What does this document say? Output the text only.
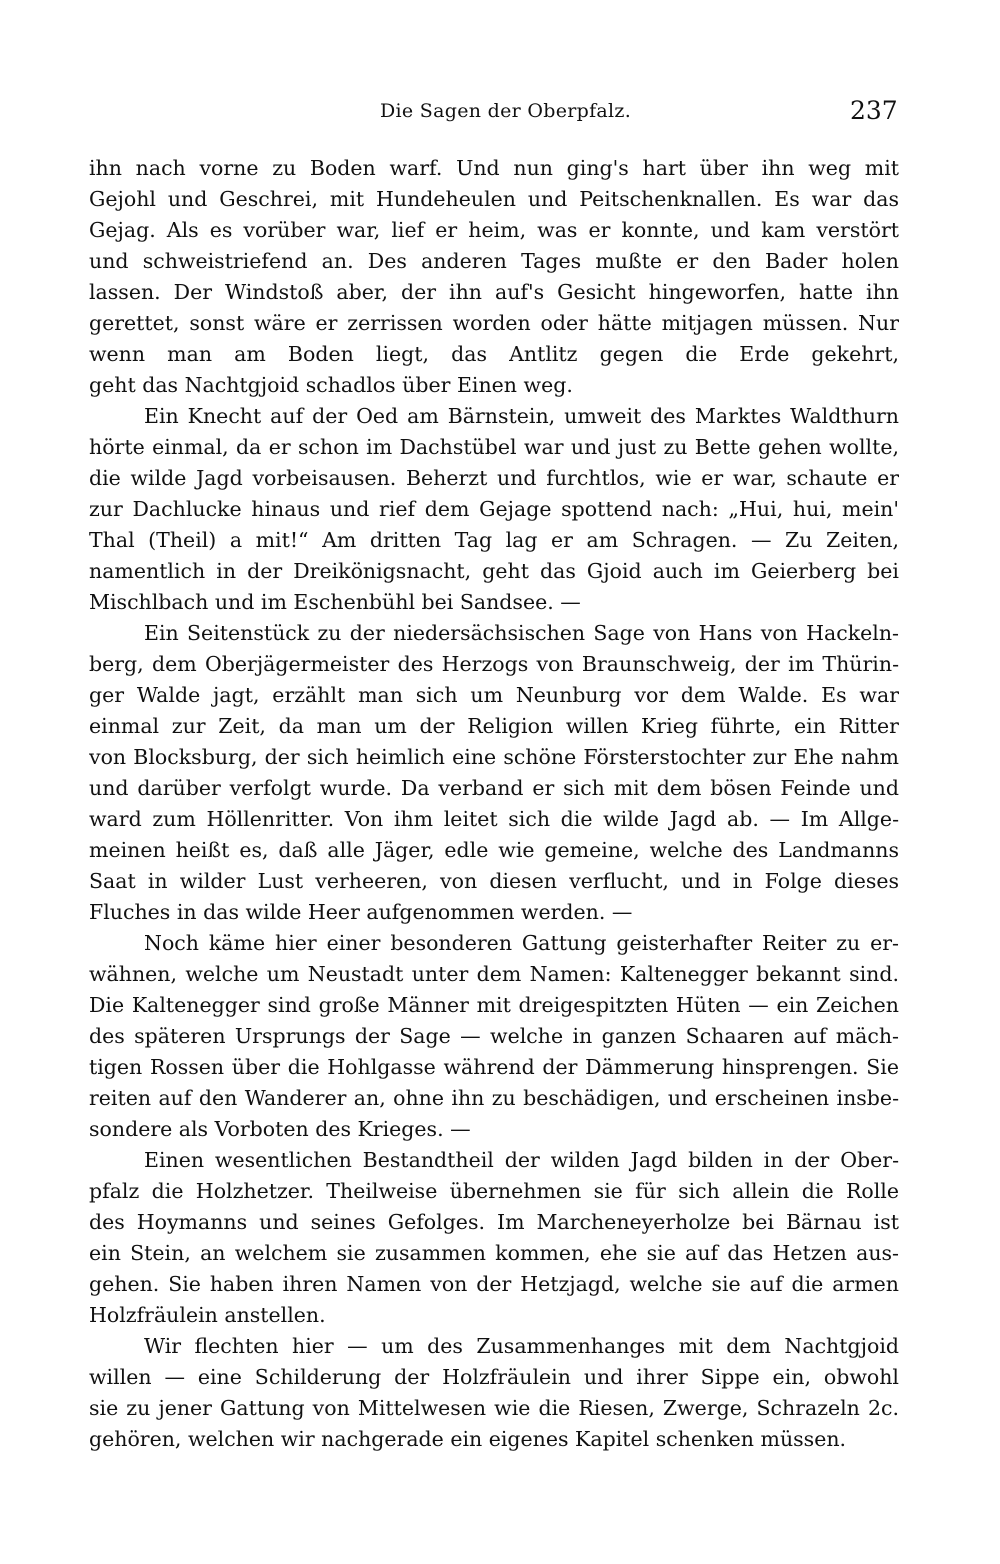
Die Sagen der Oberpfalz.	237
ihn nach vorne zu Boden warf. Und nun ging's hart über ihn weg mit
Gejohl und Geschrei, mit Hundeheulen und Peitschenknallen. Es war das
Gejag. Als es vorüber war, lief er heim, was er konnte, und kam verstört
und schweistriefend an. Des anderen Tages mußte er den Bader holen
lassen. Der Windstoß aber, der ihn auf's Gesicht hingeworfen, hatte ihn
gerettet, sonst wäre er zerrissen worden oder hätte mitjagen müssen. Nur
wenn man am Boden liegt, das Antlitz gegen die Erde gekehrt,
geht das Nachtgjoid schadlos über Einen weg.
Ein Knecht auf der Oed am Bärnstein, umweit des Marktes Waldthurn
hörte einmal, da er schon im Dachstübel war und just zu Bette gehen wollte,
die wilde Jagd vorbeisausen. Beherzt und furchtlos, wie er war, schaute er
zur Dachlucke hinaus und rief dem Gejage spottend nach: „Hui, hui, mein'
Thal (Theil) a mit!“ Am dritten Tag lag er am Schragen. — Zu Zeiten,
namentlich in der Dreikönigsnacht, geht das Gjoid auch im Geierberg bei
Mischlbach und im Eschenbühl bei Sandsee. —
Ein Seitenstück zu der niedersächsischen Sage von Hans von Hackeln-
berg, dem Oberjägermeister des Herzogs von Braunschweig, der im Thürin-
ger Walde jagt, erzählt man sich um Neunburg vor dem Walde. Es war
einmal zur Zeit, da man um der Religion willen Krieg führte, ein Ritter
von Blocksburg, der sich heimlich eine schöne Försterstochter zur Ehe nahm
und darüber verfolgt wurde. Da verband er sich mit dem bösen Feinde und
ward zum Höllenritter. Von ihm leitet sich die wilde Jagd ab. — Im Allge-
meinen heißt es, daß alle Jäger, edle wie gemeine, welche des Landmanns
Saat in wilder Lust verheeren, von diesen verflucht, und in Folge dieses
Fluches in das wilde Heer aufgenommen werden. —
Noch käme hier einer besonderen Gattung geisterhafter Reiter zu er-
wähnen, welche um Neustadt unter dem Namen: Kaltenegger bekannt sind.
Die Kaltenegger sind große Männer mit dreigespitzten Hüten — ein Zeichen
des späteren Ursprungs der Sage — welche in ganzen Schaaren auf mäch-
tigen Rossen über die Hohlgasse während der Dämmerung hinsprengen. Sie
reiten auf den Wanderer an, ohne ihn zu beschädigen, und erscheinen insbe-
sondere als Vorboten des Krieges. —
Einen wesentlichen Bestandtheil der wilden Jagd bilden in der Ober-
pfalz die Holzhetzer. Theilweise übernehmen sie für sich allein die Rolle
des Hoymanns und seines Gefolges. Im Marcheneyerholze bei Bärnau ist
ein Stein, an welchem sie zusammen kommen, ehe sie auf das Hetzen aus-
gehen. Sie haben ihren Namen von der Hetzjagd, welche sie auf die armen
Holzfräulein anstellen.
Wir flechten hier — um des Zusammenhanges mit dem Nachtgjoid
willen — eine Schilderung der Holzfräulein und ihrer Sippe ein, obwohl
sie zu jener Gattung von Mittelwesen wie die Riesen, Zwerge, Schrazeln 2c.
gehören, welchen wir nachgerade ein eigenes Kapitel schenken müssen.
